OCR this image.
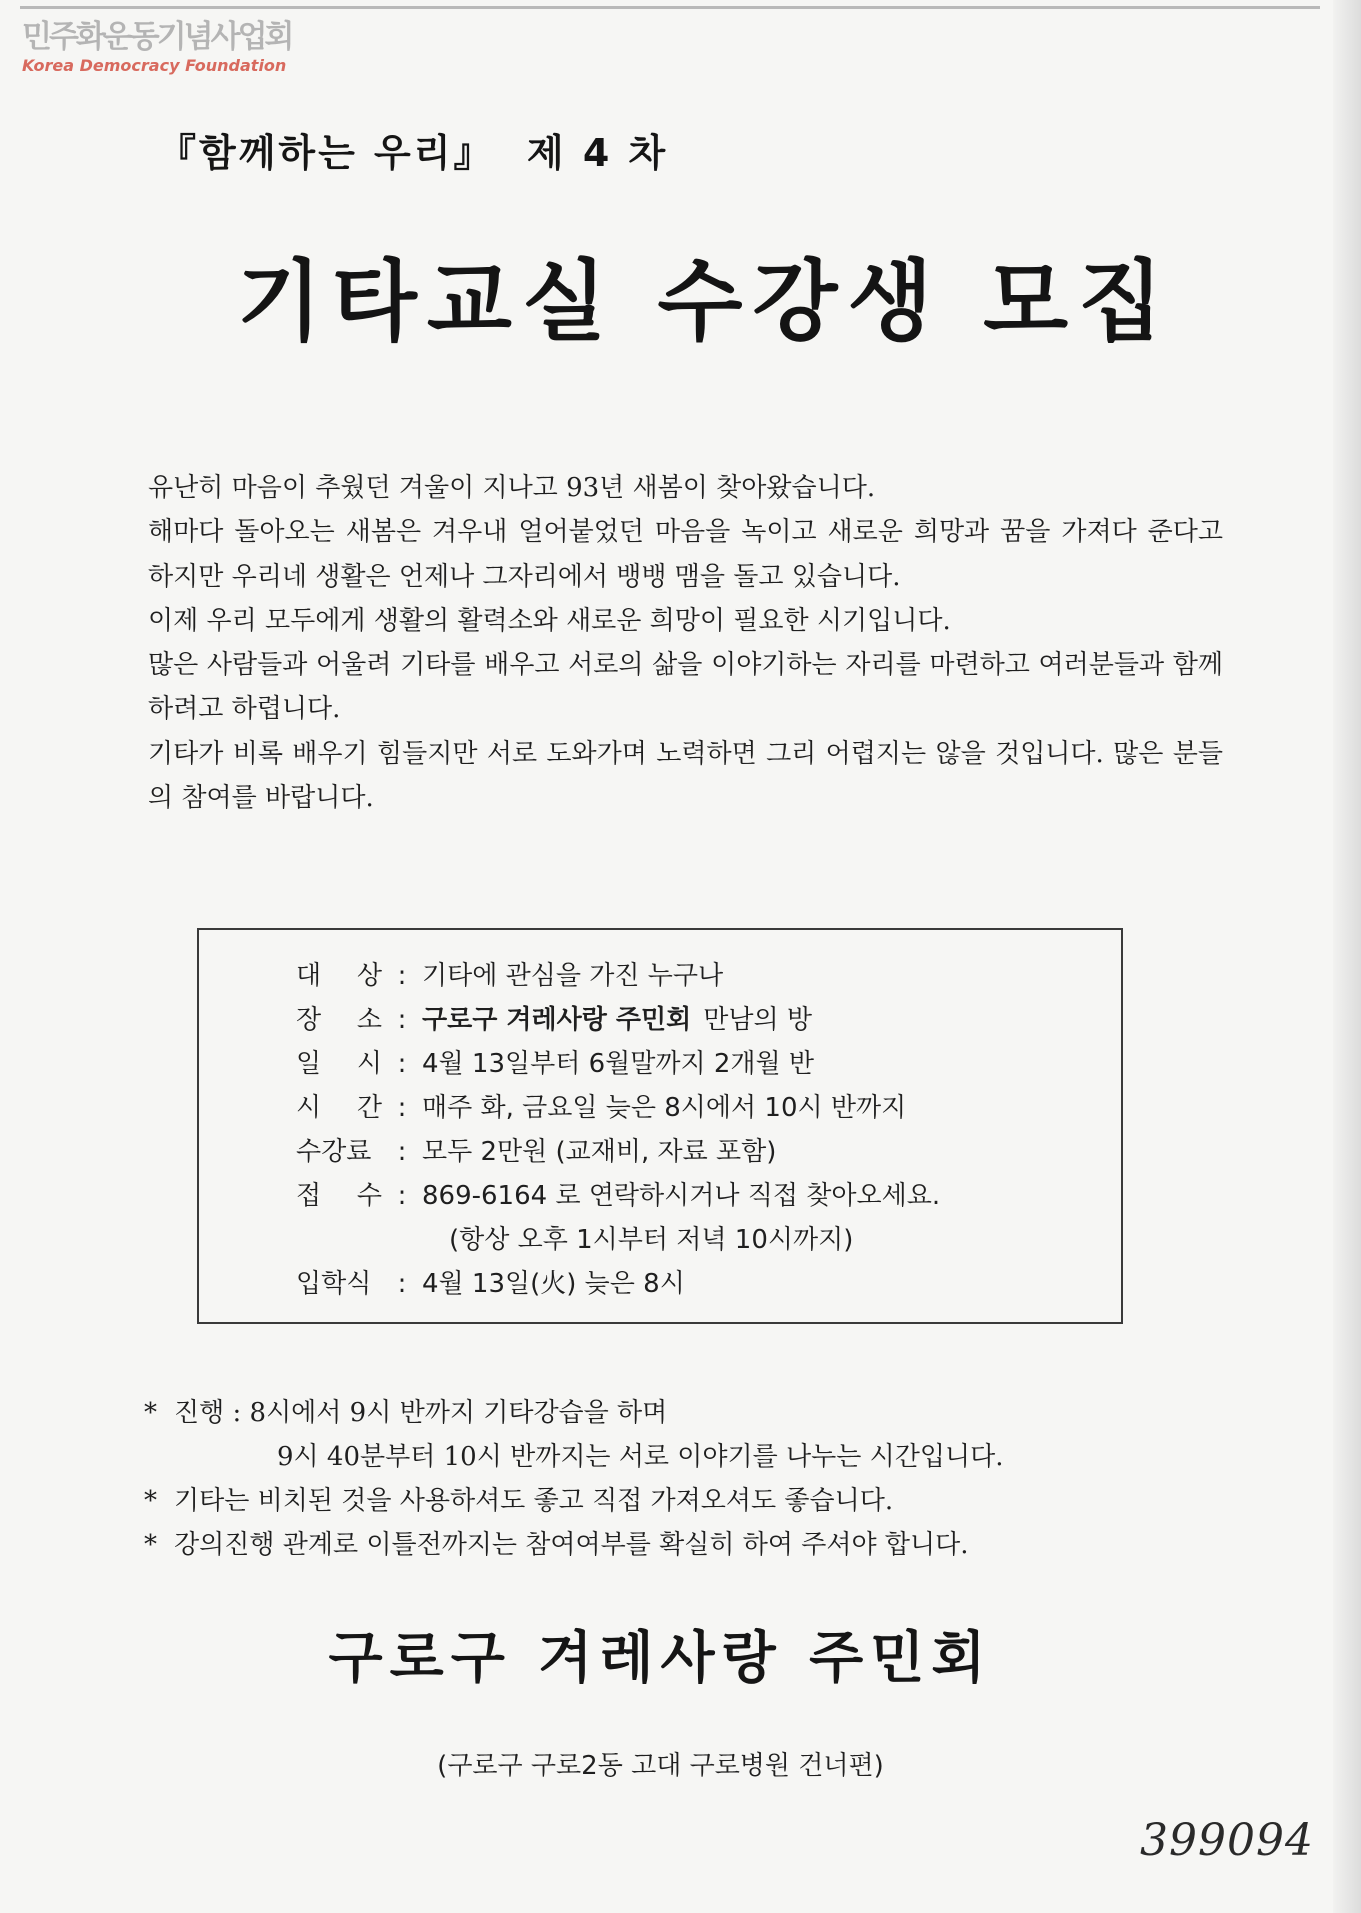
민주화운동기념사업회
Korea Democracy Foundation
『함께하는 우리』  제 4 차
기타교실 수강생 모집

유난히 마음이 추웠던 겨울이 지나고 93년 새봄이 찾아왔습니다.

해마다 돌아오는 새봄은 겨우내 얼어붙었던 마음을 녹이고 새로운 희망과 꿈을 가져다 준다고 하지만 우리네 생활은 언제나 그자리에서 뱅뱅 맴을 돌고 있습니다.

이제 우리 모두에게 생활의 활력소와 새로운 희망이 필요한 시기입니다.

많은 사람들과 어울려 기타를 배우고 서로의 삶을 이야기하는 자리를 마련하고 여러분들과 함께 하려고 하렵니다.

기타가 비록 배우기 힘들지만 서로 도와가며 노력하면 그리 어렵지는 않을 것입니다. 많은 분들의 참여를 바랍니다.

대 상 : 기타에 관심을 가진 누구나
장 소 : 구로구 겨레사랑 주민회 만남의 방
일 시 : 4월 13일부터 6월말까지 2개월 반
시 간 : 매주 화, 금요일 늦은 8시에서 10시 반까지
수강료	: 모두 2만원 (교재비, 자료 포함)
접 수 : 869-6164 로 연락하시거나 직접 찾아오세요.
(항상 오후 1시부터 저녁 10시까지)
입학식	: 4월 13일(火) 늦은 8시
* 진행 : 8시에서 9시 반까지 기타강습을 하며
9시 40분부터 10시 반까지는 서로 이야기를 나누는 시간입니다.
* 기타는 비치된 것을 사용하셔도 좋고 직접 가져오셔도 좋습니다.
* 강의진행 관계로 이틀전까지는 참여여부를 확실히 하여 주셔야 합니다.
구로구 겨레사랑 주민회
(구로구 구로2동 고대 구로병원 건너편)
399094
